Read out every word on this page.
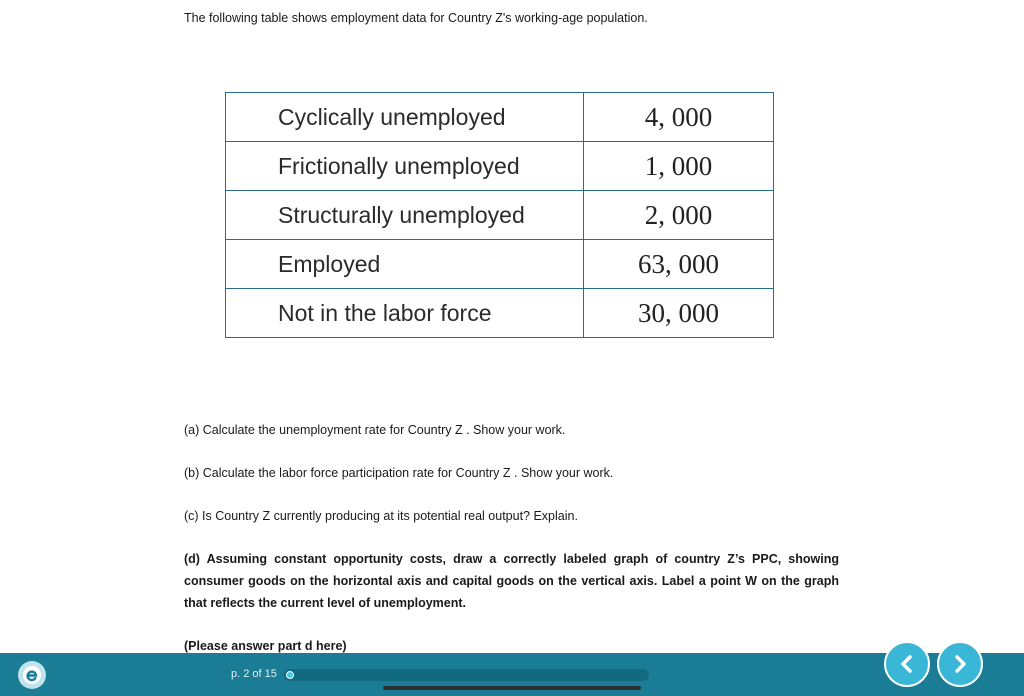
The following table shows employment data for Country Z's working-age population.
Cyclically unemployed	4, 000
Frictionally unemployed	1, 000
Structurally unemployed	2, 000
Employed	63, 000
Not in the labor force	30, 000
(a) Calculate the unemployment rate for Country Z . Show your work.
(b) Calculate the labor force participation rate for Country Z . Show your work.
(c) Is Country Z currently producing at its potential real output? Explain.
(d) Assuming constant opportunity costs, draw a correctly labeled graph of country Z’s PPC, showing consumer goods on the horizontal axis and capital goods on the vertical axis. Label a point W on the graph that reflects the current level of unemployment.
(Please answer part d here)
p. 2 of 15
